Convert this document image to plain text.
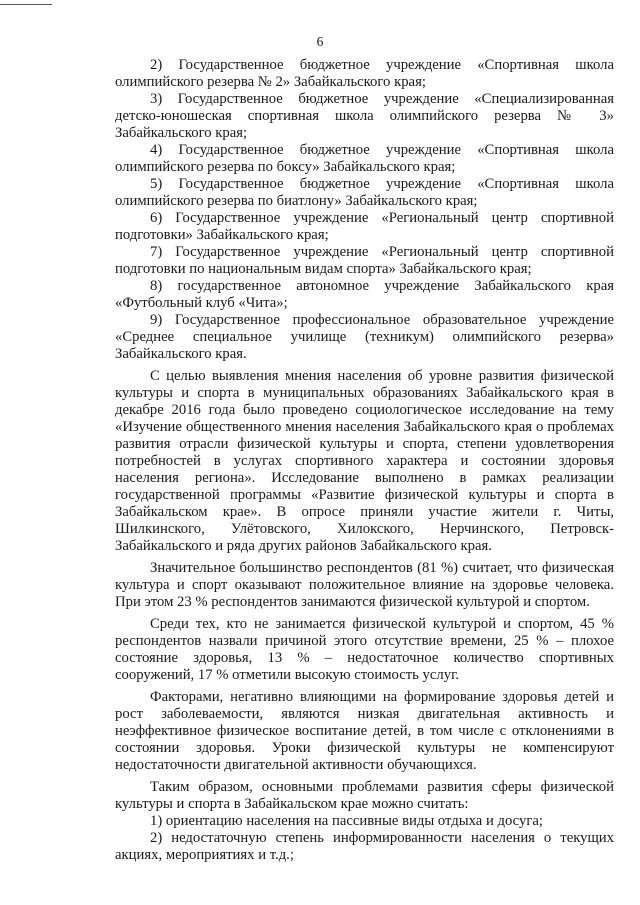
6

2) Государственное бюджетное учреждение «Спортивная школа олимпийского резерва № 2» Забайкальского края;

3) Государственное бюджетное учреждение «Специализированная детско-юношеская спортивная школа олимпийского резерва № 3» Забайкальского края;

4) Государственное бюджетное учреждение «Спортивная школа олимпийского резерва по боксу» Забайкальского края;

5) Государственное бюджетное учреждение «Спортивная школа олимпийского резерва по биатлону» Забайкальского края;

6) Государственное учреждение «Региональный центр спортивной подготовки» Забайкальского края;

7) Государственное учреждение «Региональный центр спортивной подготовки по национальным видам спорта» Забайкальского края;

8) государственное автономное учреждение Забайкальского края «Футбольный клуб «Чита»;

9) Государственное профессиональное образовательное учреждение «Среднее специальное училище (техникум) олимпийского резерва» Забайкальского края.

С целью выявления мнения населения об уровне развития физической культуры и спорта в муниципальных образованиях Забайкальского края в декабре 2016 года было проведено социологическое исследование на тему «Изучение общественного мнения населения Забайкальского края о проблемах развития отрасли физической культуры и спорта, степени удовлетворения потребностей в услугах спортивного характера и состоянии здоровья населения региона». Исследование выполнено в рамках реализации государственной программы «Развитие физической культуры и спорта в Забайкальском крае». В опросе приняли участие жители г. Читы, Шилкинского, Улётовского, Хилокского, Нерчинского, Петровск-Забайкальского и ряда других районов Забайкальского края.

Значительное большинство респондентов (81 %) считает, что физическая культура и спорт оказывают положительное влияние на здоровье человека. При этом 23 % респондентов занимаются физической культурой и спортом.

Среди тех, кто не занимается физической культурой и спортом, 45 % респондентов назвали причиной этого отсутствие времени, 25 % – плохое состояние здоровья, 13 % – недостаточное количество спортивных сооружений, 17 % отметили высокую стоимость услуг.

Факторами, негативно влияющими на формирование здоровья детей и рост заболеваемости, являются низкая двигательная активность и неэффективное физическое воспитание детей, в том числе с отклонениями в состоянии здоровья. Уроки физической культуры не компенсируют недостаточности двигательной активности обучающихся.

Таким образом, основными проблемами развития сферы физической культуры и спорта в Забайкальском крае можно считать:

1) ориентацию населения на пассивные виды отдыха и досуга;

2) недостаточную степень информированности населения о текущих акциях, мероприятиях и т.д.;
